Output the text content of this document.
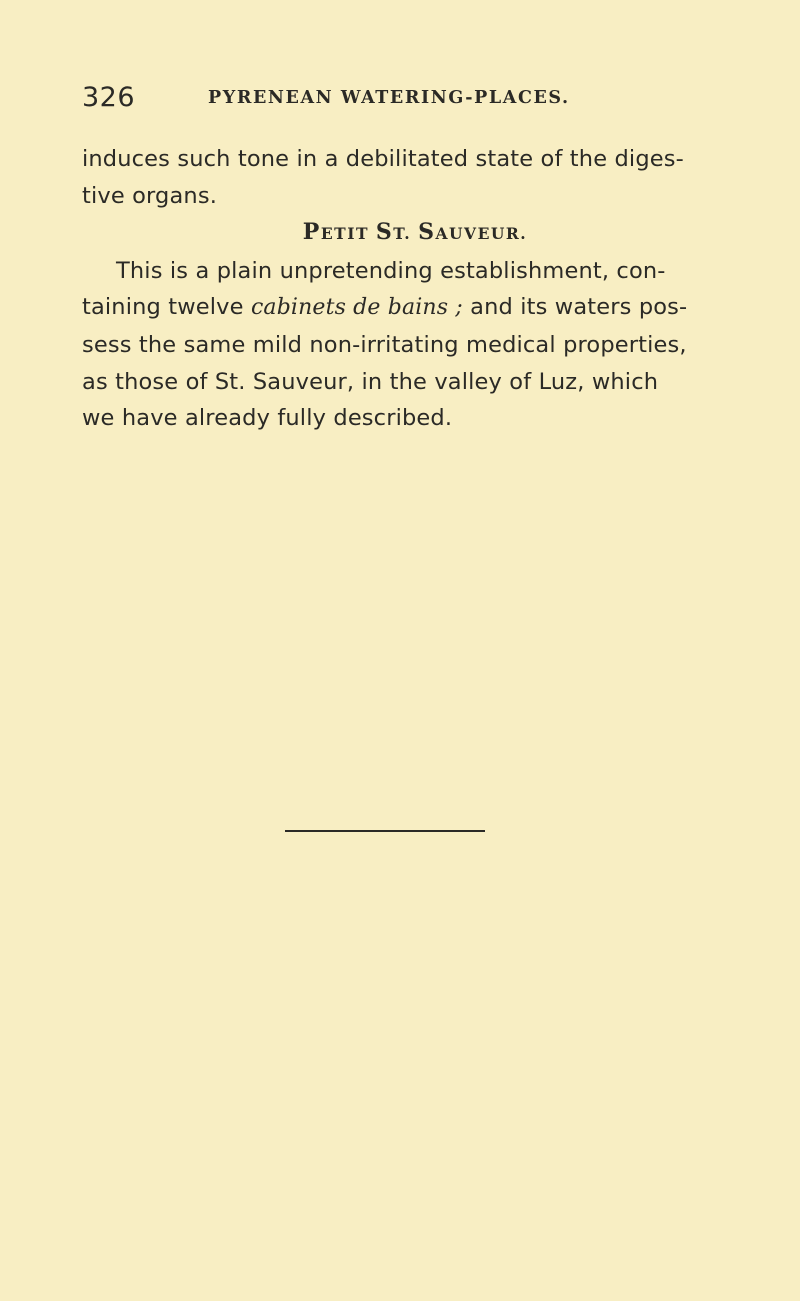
326	PYRENEAN WATERING-PLACES.
induces such tone in a debilitated state of the diges-
tive organs.
PETIT ST. SAUVEUR.
This is a plain unpretending establishment, con-
taining twelve cabinets de bains ; and its waters pos-
sess the same mild non-irritating medical properties,
as those of St. Sauveur, in the valley of Luz, which
we have already fully described.
